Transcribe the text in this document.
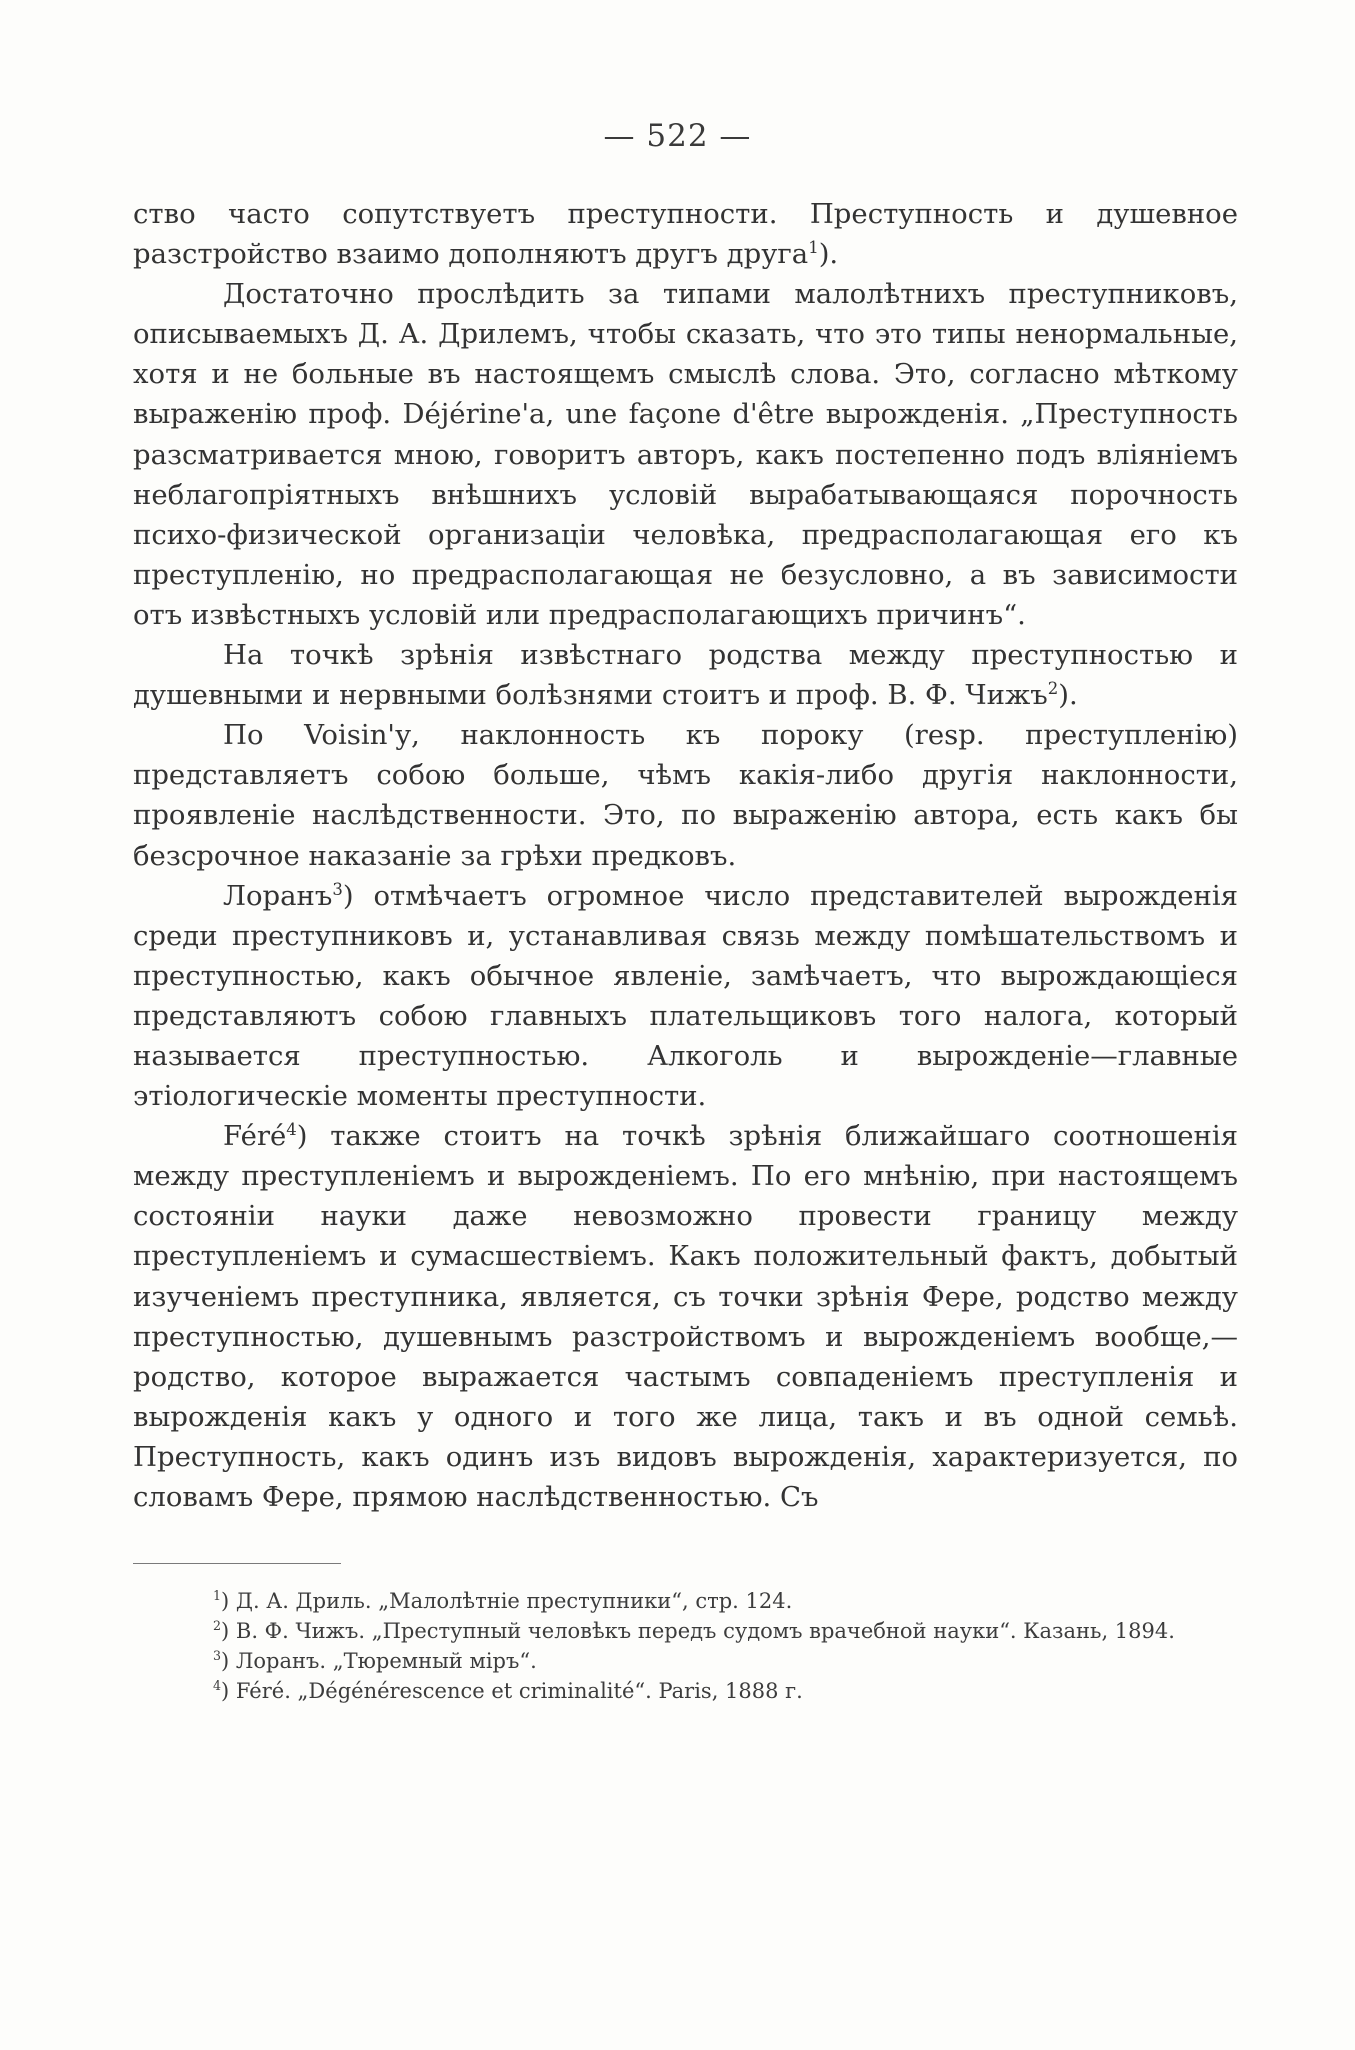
— 522 —

ство часто сопутствуетъ преступности. Преступность и душевное разстройство взаимо дополняютъ другъ друга$^1$).

Достаточно прослѣдить за типами малолѣтнихъ преступниковъ, описываемыхъ Д. А. Дрилемъ, чтобы сказать, что это типы ненормальные, хотя и не больные въ настоящемъ смыслѣ слова. Это, согласно мѣткому выраженію проф. Déjérine'a, une façone d'être вырожденія. „Преступность разсматривается мною, говоритъ авторъ, какъ постепенно подъ вліяніемъ неблагопріятныхъ внѣшнихъ условій вырабатывающаяся порочность психо-физической организаціи человѣка, предрасполагающая его къ преступленію, но предрасполагающая не безусловно, а въ зависимости отъ извѣстныхъ условій или предрасполагающихъ причинъ“.

На точкѣ зрѣнія извѣстнаго родства между преступностью и душевными и нервными болѣзнями стоитъ и проф. В. Ф. Чижъ$^2$).

По Voisin'у, наклонность къ пороку (resp. преступленію) представляетъ собою больше, чѣмъ какія-либо другія наклонности, проявленіе наслѣдственности. Это, по выраженію автора, есть какъ бы безсрочное наказаніе за грѣхи предковъ.

Лоранъ$^3$) отмѣчаетъ огромное число представителей вырожденія среди преступниковъ и, устанавливая связь между помѣшательствомъ и преступностью, какъ обычное явленіе, замѣчаетъ, что вырождающіеся представляютъ собою главныхъ плательщиковъ того налога, который называется преступностью. Алкоголь и вырожденіе—главные этіологическіе моменты преступности.

Féré$^4$) также стоитъ на точкѣ зрѣнія ближайшаго соотношенія между преступленіемъ и вырожденіемъ. По его мнѣнію, при настоящемъ состояніи науки даже невозможно провести границу между преступленіемъ и сумасшествіемъ. Какъ положительный фактъ, добытый изученіемъ преступника, является, съ точки зрѣнія Фере, родство между преступностью, душевнымъ разстройствомъ и вырожденіемъ вообще,—родство, которое выражается частымъ совпаденіемъ преступленія и вырожденія какъ у одного и того же лица, такъ и въ одной семьѣ. Преступность, какъ одинъ изъ видовъ вырожденія, характеризуется, по словамъ Фере, прямою наслѣдственностью. Съ

$^1$) Д. А. Дриль. „Малолѣтніе преступники“, стр. 124.

$^2$) В. Ф. Чижъ. „Преступный человѣкъ передъ судомъ врачебной науки“. Казань, 1894.

$^3$) Лоранъ. „Тюремный міръ“.

$^4$) Féré. „Dégénérescence et criminalité“. Paris, 1888 г.
